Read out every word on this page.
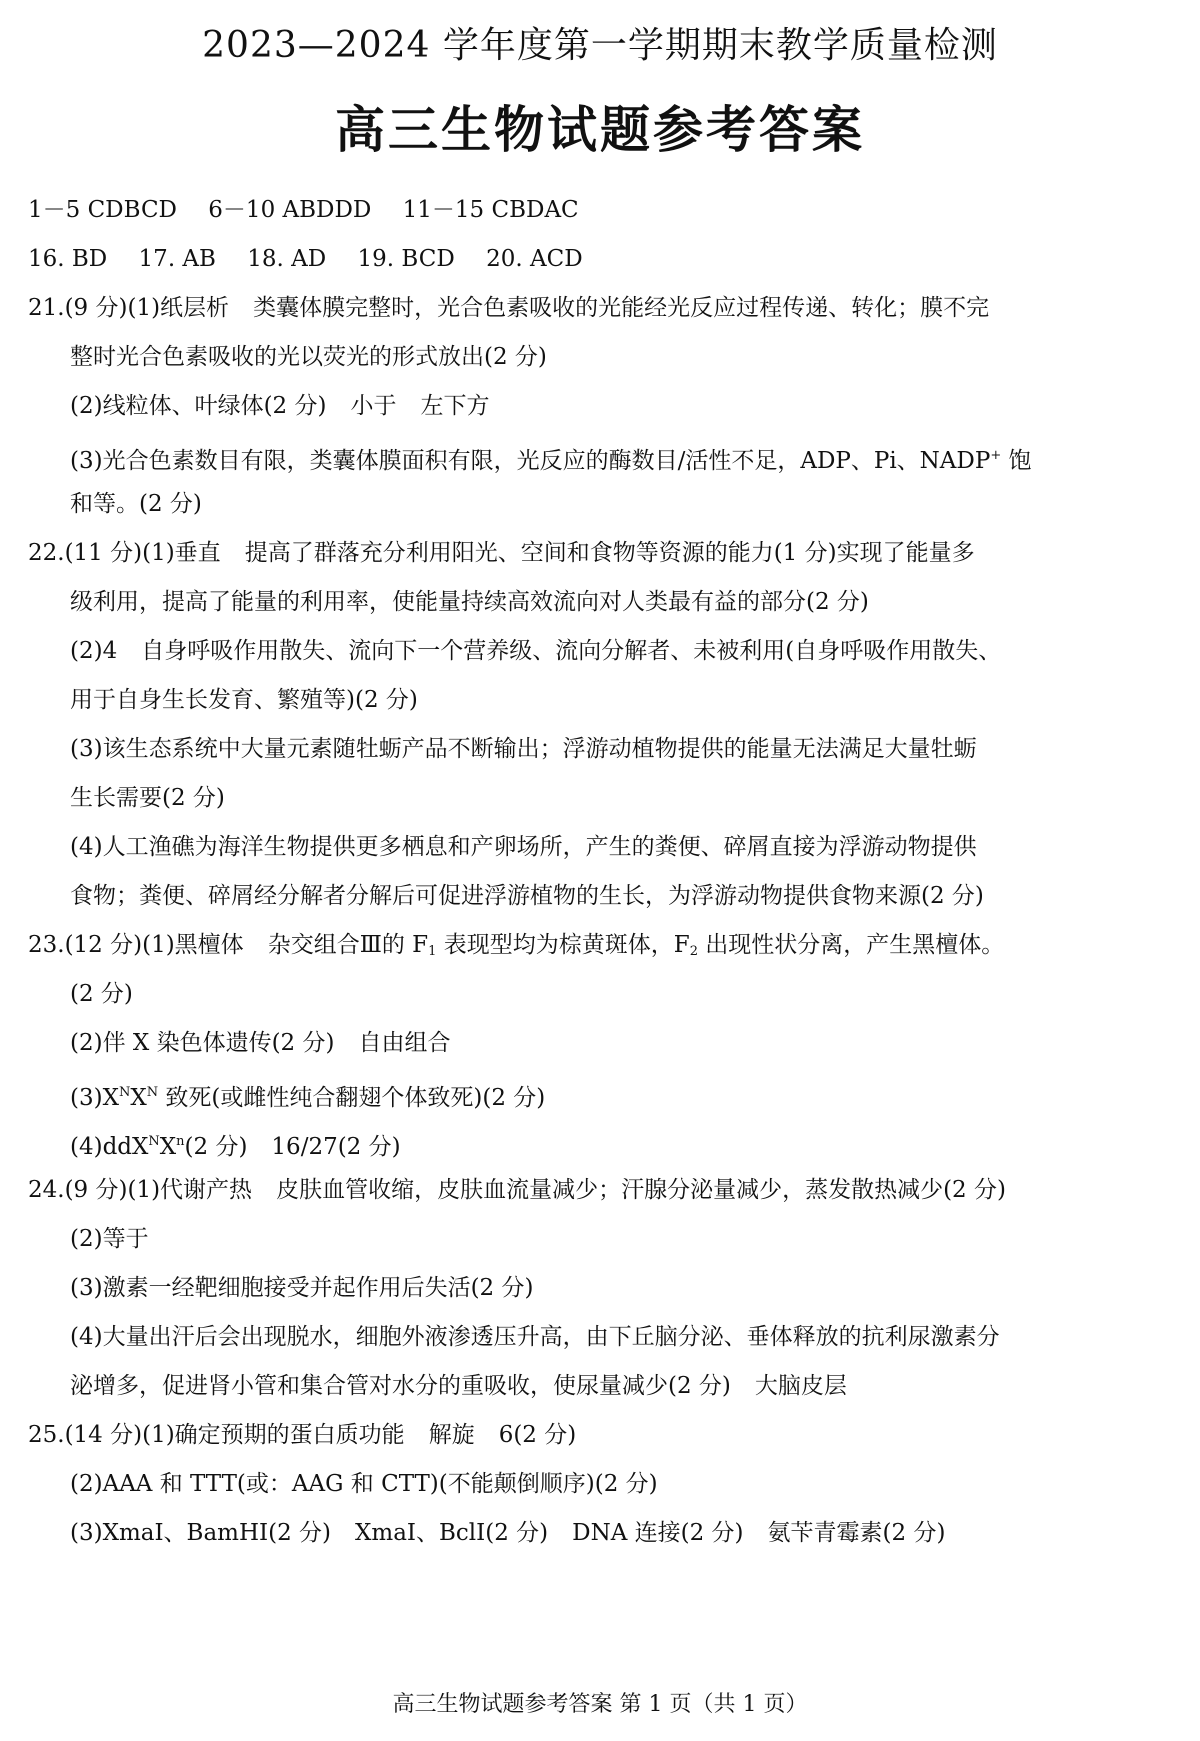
2023—2024 学年度第一学期期末教学质量检测
高三生物试题参考答案
1－5 CDBCD 6－10 ABDDD 11－15 CBDAC
16. BD 17. AB 18. AD 19. BCD 20. ACD
21.(9 分)(1)纸层析 类囊体膜完整时，光合色素吸收的光能经光反应过程传递、转化；膜不完
整时光合色素吸收的光以荧光的形式放出(2 分)
(2)线粒体、叶绿体(2 分) 小于 左下方
(3)光合色素数目有限，类囊体膜面积有限，光反应的酶数目/活性不足，ADP、Pi、NADP+ 饱
和等。(2 分)
22.(11 分)(1)垂直 提高了群落充分利用阳光、空间和食物等资源的能力(1 分)实现了能量多
级利用，提高了能量的利用率，使能量持续高效流向对人类最有益的部分(2 分)
(2)4 自身呼吸作用散失、流向下一个营养级、流向分解者、未被利用(自身呼吸作用散失、
用于自身生长发育、繁殖等)(2 分)
(3)该生态系统中大量元素随牡蛎产品不断输出；浮游动植物提供的能量无法满足大量牡蛎
生长需要(2 分)
(4)人工渔礁为海洋生物提供更多栖息和产卵场所，产生的粪便、碎屑直接为浮游动物提供
食物；粪便、碎屑经分解者分解后可促进浮游植物的生长，为浮游动物提供食物来源(2 分)
23.(12 分)(1)黑檀体 杂交组合Ⅲ的 $F_1$ 表现型均为棕黄斑体，$F_2$ 出现性状分离，产生黑檀体。
(2 分)
(2)伴 X 染色体遗传(2 分) 自由组合
$(3)X^NX^N$ 致死(或雌性纯合翻翅个体致死)(2 分)
$(4)ddX^NX^n(2$ 分) 16/27(2 分)
24.(9 分)(1)代谢产热 皮肤血管收缩，皮肤血流量减少；汗腺分泌量减少，蒸发散热减少(2 分)
(2)等于
(3)激素一经靶细胞接受并起作用后失活(2 分)
(4)大量出汗后会出现脱水，细胞外液渗透压升高，由下丘脑分泌、垂体释放的抗利尿激素分
泌增多，促进肾小管和集合管对水分的重吸收，使尿量减少(2 分) 大脑皮层
25.(14 分)(1)确定预期的蛋白质功能 解旋 6(2 分)
(2)AAA 和 TTT(或：AAG 和 CTT)(不能颠倒顺序)(2 分)
(3)XmaI、BamHI(2 分) XmaI、BclI(2 分) DNA 连接(2 分) 氨苄青霉素(2 分)
高三生物试题参考答案 第 1 页（共 1 页）
